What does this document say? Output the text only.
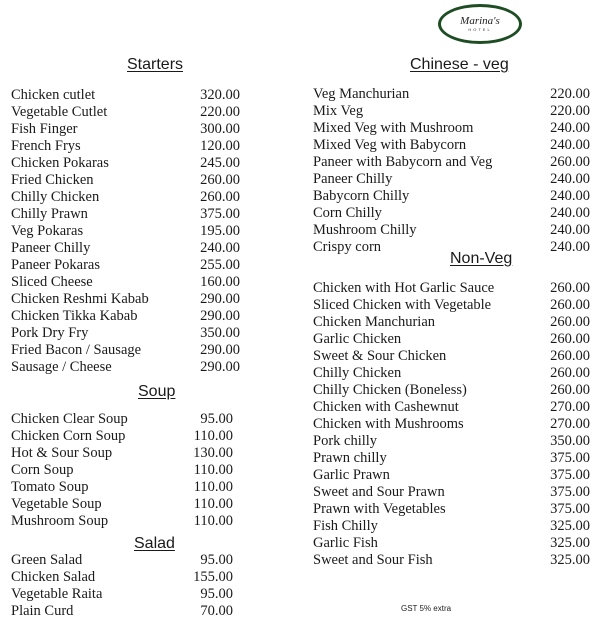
Marina's
HOTEL
Starters
Soup
Salad
Chinese - veg
Non-Veg
Chicken cutlet	320.00
Vegetable Cutlet	220.00
Fish Finger	300.00
French Frys	120.00
Chicken Pokaras	245.00
Fried Chicken	260.00
Chilly Chicken	260.00
Chilly Prawn	375.00
Veg Pokaras	195.00
Paneer Chilly	240.00
Paneer Pokaras	255.00
Sliced Cheese	160.00
Chicken Reshmi Kabab	290.00
Chicken Tikka Kabab	290.00
Pork Dry Fry	350.00
Fried Bacon / Sausage	290.00
Sausage / Cheese	290.00
Chicken Clear Soup	95.00
Chicken Corn Soup	110.00
Hot & Sour Soup	130.00
Corn Soup	110.00
Tomato Soup	110.00
Vegetable Soup	110.00
Mushroom Soup	110.00
Green Salad	95.00
Chicken Salad	155.00
Vegetable Raita	95.00
Plain Curd	70.00
Veg Manchurian	220.00
Mix Veg	220.00
Mixed Veg with Mushroom	240.00
Mixed Veg with Babycorn	240.00
Paneer with Babycorn and Veg	260.00
Paneer Chilly	240.00
Babycorn Chilly	240.00
Corn Chilly	240.00
Mushroom Chilly	240.00
Crispy corn	240.00
Chicken with Hot Garlic Sauce	260.00
Sliced Chicken with Vegetable	260.00
Chicken Manchurian	260.00
Garlic Chicken	260.00
Sweet & Sour Chicken	260.00
Chilly Chicken	260.00
Chilly Chicken (Boneless)	260.00
Chicken with Cashewnut	270.00
Chicken with Mushrooms	270.00
Pork chilly	350.00
Prawn chilly	375.00
Garlic Prawn	375.00
Sweet and Sour Prawn	375.00
Prawn with Vegetables	375.00
Fish Chilly	325.00
Garlic Fish	325.00
Sweet and Sour Fish	325.00
GST 5% extra
